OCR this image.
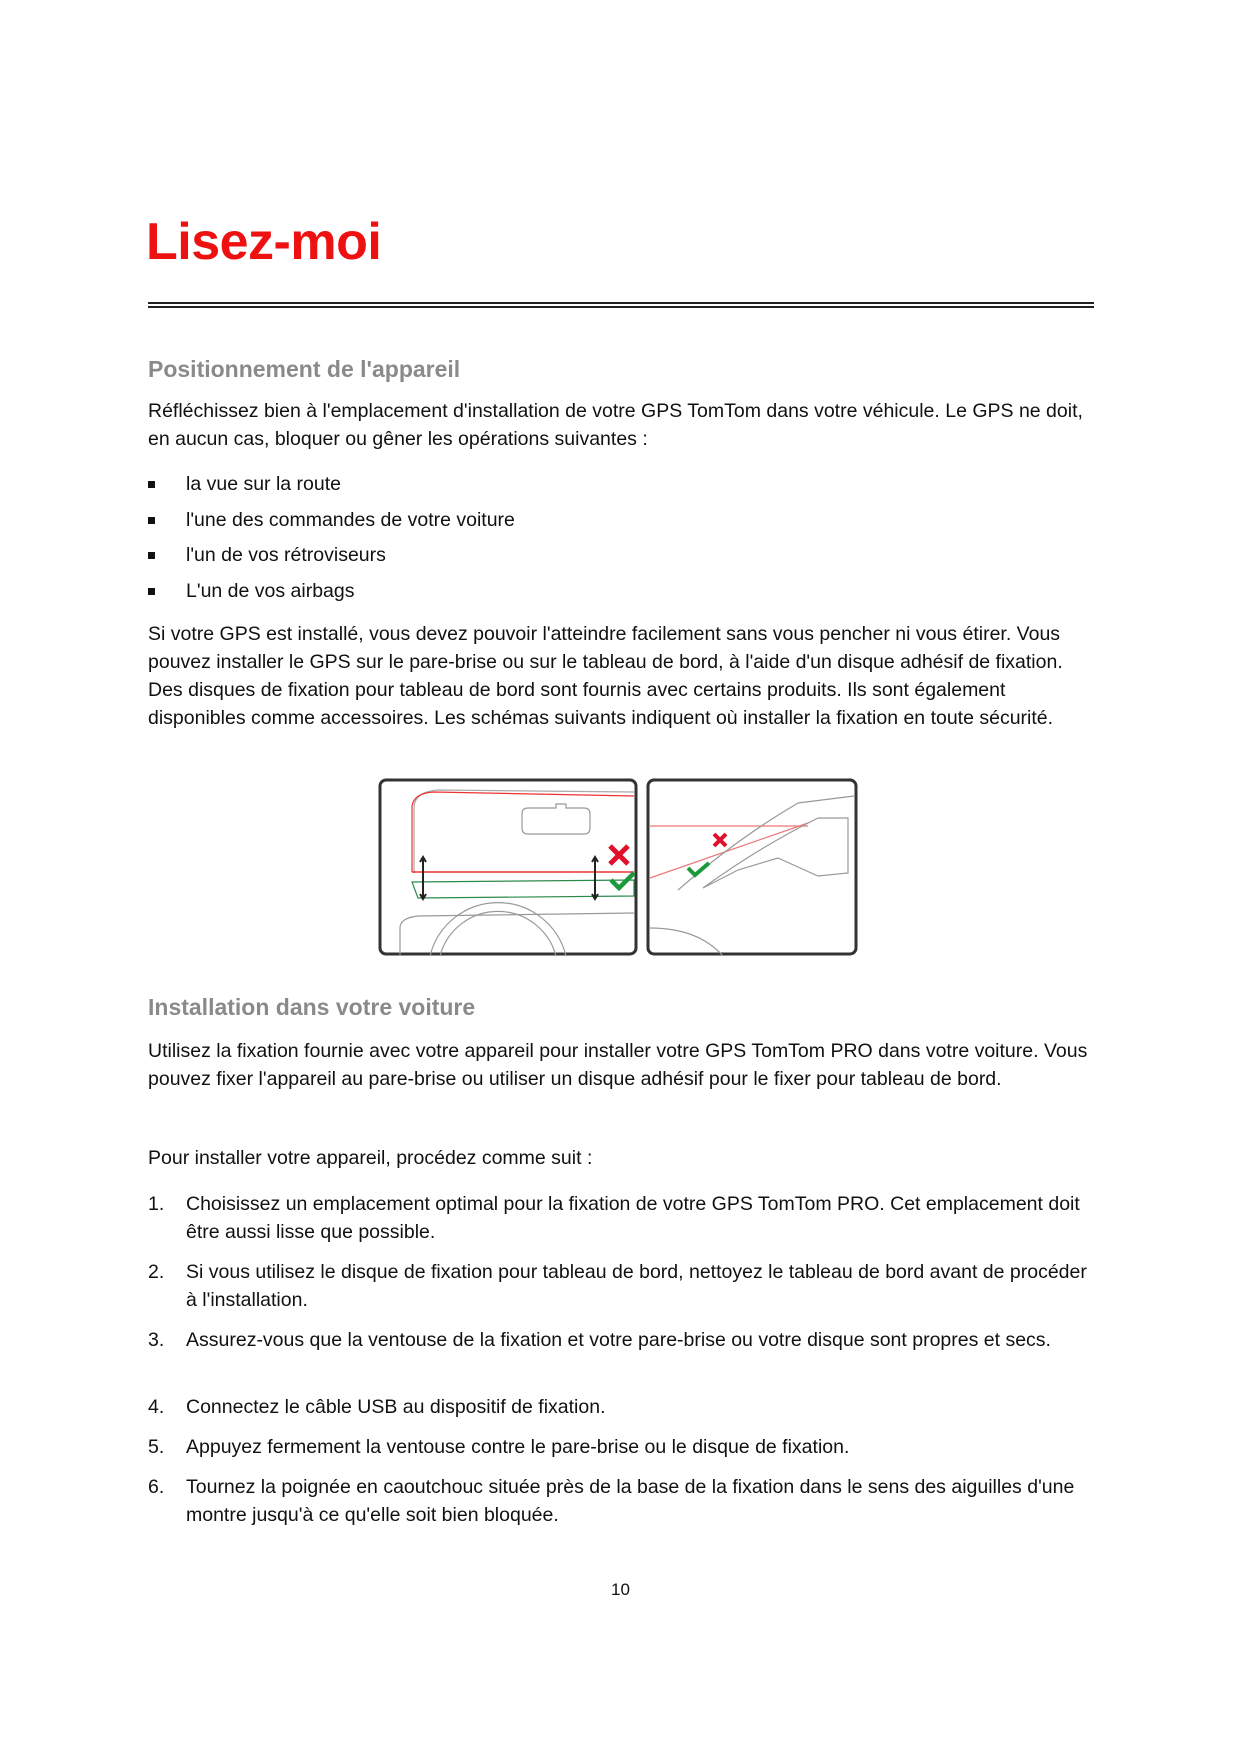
Lisez-moi
Positionnement de l'appareil

Réfléchissez bien à l'emplacement d'installation de votre GPS TomTom dans votre véhicule. Le GPS ne doit, en aucun cas, bloquer ou gêner les opérations suivantes :

la vue sur la route
l'une des commandes de votre voiture
l'un de vos rétroviseurs
L'un de vos airbags

Si votre GPS est installé, vous devez pouvoir l'atteindre facilement sans vous pencher ni vous étirer. Vous pouvez installer le GPS sur le pare-brise ou sur le tableau de bord, à l'aide d'un disque adhésif de fixation. Des disques de fixation pour tableau de bord sont fournis avec certains produits. Ils sont également disponibles comme accessoires. Les schémas suivants indiquent où installer la fixation en toute sécurité.

Installation dans votre voiture

Utilisez la fixation fournie avec votre appareil pour installer votre GPS TomTom PRO dans votre voiture. Vous pouvez fixer l'appareil au pare-brise ou utiliser un disque adhésif pour le fixer pour tableau de bord.

Pour installer votre appareil, procédez comme suit :

1. Choisissez un emplacement optimal pour la fixation de votre GPS TomTom PRO. Cet emplacement doit être aussi lisse que possible.
2. Si vous utilisez le disque de fixation pour tableau de bord, nettoyez le tableau de bord avant de procéder à l'installation.
3. Assurez-vous que la ventouse de la fixation et votre pare-brise ou votre disque sont propres et secs.
4. Connectez le câble USB au dispositif de fixation.
5. Appuyez fermement la ventouse contre le pare-brise ou le disque de fixation.
6. Tournez la poignée en caoutchouc située près de la base de la fixation dans le sens des aiguilles d'une montre jusqu'à ce qu'elle soit bien bloquée.
10
